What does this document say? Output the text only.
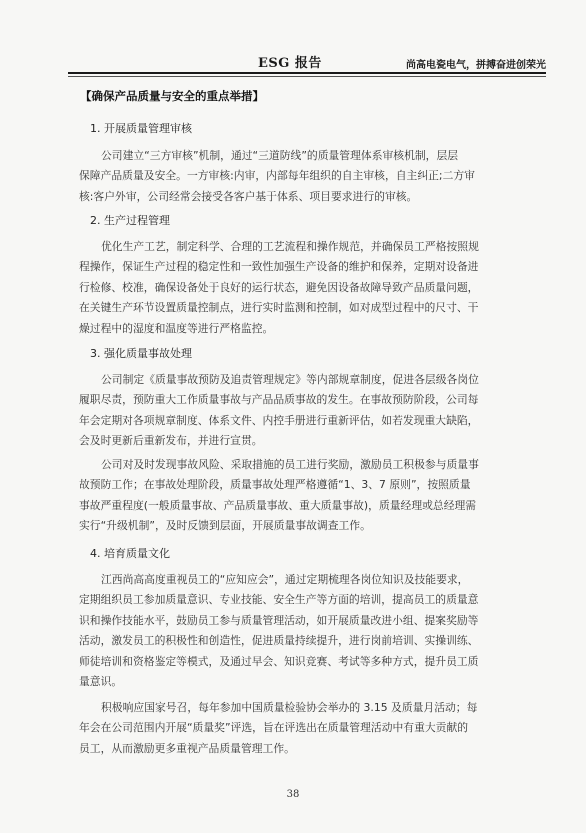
ESG 报告	尚高电瓷电气，拼搏奋进创荣光
【确保产品质量与安全的重点举措】
1. 开展质量管理审核
公司建立“三方审核”机制，通过“三道防线”的质量管理体系审核机制，层层
保障产品质量及安全。一方审核:内审，内部每年组织的自主审核，自主纠正;二方审
核:客户外审，公司经常会接受各客户基于体系、项目要求进行的审核。
2. 生产过程管理
优化生产工艺，制定科学、合理的工艺流程和操作规范，并确保员工严格按照规
程操作，保证生产过程的稳定性和一致性加强生产设备的维护和保养，定期对设备进
行检修、校准，确保设备处于良好的运行状态，避免因设备故障导致产品质量问题，
在关键生产环节设置质量控制点，进行实时监测和控制，如对成型过程中的尺寸、干
燥过程中的湿度和温度等进行严格监控。
3. 强化质量事故处理
公司制定《质量事故预防及追责管理规定》等内部规章制度，促进各层级各岗位
履职尽责，预防重大工作质量事故与产品品质事故的发生。在事故预防阶段，公司每
年会定期对各项规章制度、体系文件、内控手册进行重新评估，如若发现重大缺陷，
会及时更新后重新发布，并进行宣贯。
公司对及时发现事故风险、采取措施的员工进行奖励，激励员工积极参与质量事
故预防工作；在事故处理阶段，质量事故处理严格遵循“1、3、7 原则”，按照质量
事故严重程度(一般质量事故、产品质量事故、重大质量事故)，质量经理或总经理需
实行“升级机制”，及时反馈到层面，开展质量事故调查工作。
4. 培育质量文化
江西尚高高度重视员工的“应知应会”，通过定期梳理各岗位知识及技能要求，
定期组织员工参加质量意识、专业技能、安全生产等方面的培训，提高员工的质量意
识和操作技能水平，鼓励员工参与质量管理活动，如开展质量改进小组、提案奖励等
活动，激发员工的积极性和创造性，促进质量持续提升，进行岗前培训、实操训练、
师徒培训和资格鉴定等模式，及通过早会、知识竞赛、考试等多种方式，提升员工质
量意识。
积极响应国家号召，每年参加中国质量检验协会举办的 3.15 及质量月活动；每
年会在公司范围内开展“质量奖”评选，旨在评选出在质量管理活动中有重大贡献的
员工，从而激励更多重视产品质量管理工作。
38
